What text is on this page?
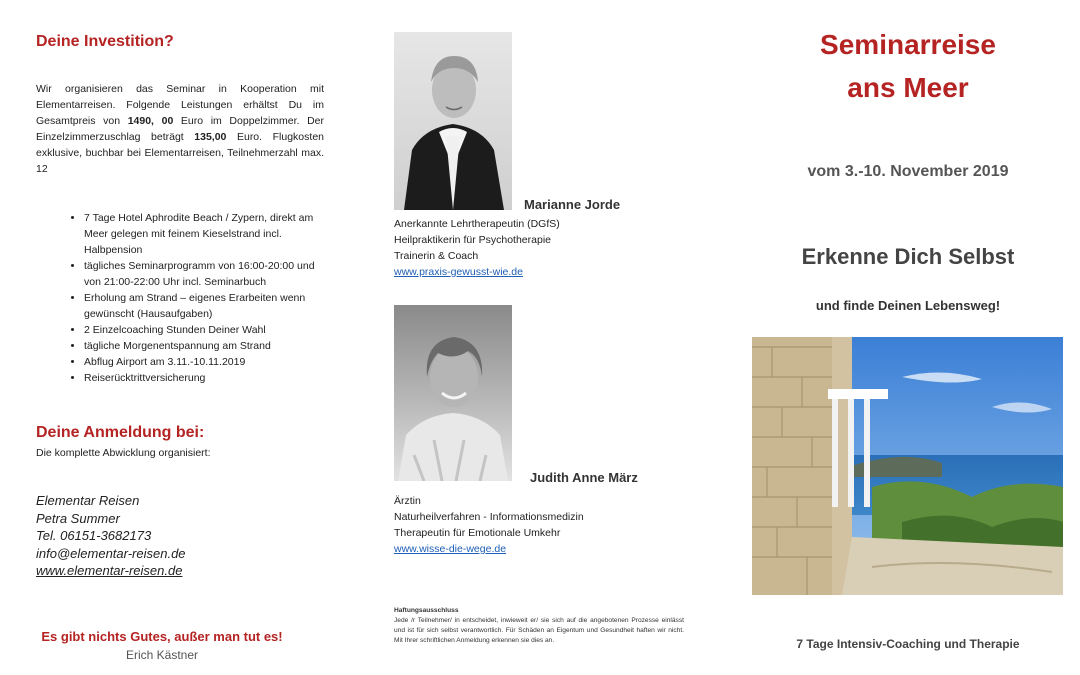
Deine Investition?

Wir organisieren das Seminar in Kooperation mit Elementarreisen. Folgende Leistungen erhältst Du im Gesamtpreis von 1490, 00 Euro im Doppelzimmer. Der Einzelzimmerzuschlag beträgt 135,00 Euro. Flugkosten exklusive, buchbar bei Elementarreisen, Teilnehmerzahl max. 12

• 7 Tage Hotel Aphrodite Beach / Zypern, direkt am Meer gelegen mit feinem Kieselstrand incl. Halbpension
• tägliches Seminarprogramm von 16:00-20:00 und von 21:00-22:00 Uhr incl. Seminarbuch
• Erholung am Strand – eigenes Erarbeiten wenn gewünscht (Hausaufgaben)
• 2 Einzelcoaching Stunden Deiner Wahl
• tägliche Morgenentspannung am Strand
• Abflug Airport am 3.11.-10.11.2019
• Reiserücktrittversicherung
Deine Anmeldung bei:
Die komplette Abwicklung organisiert:
Elementar Reisen
Petra Summer
Tel. 06151-3682173
info@elementar-reisen.de
www.elementar-reisen.de
Es gibt nichts Gutes, außer man tut es!
Erich Kästner
Marianne Jorde
Anerkannte Lehrtherapeutin (DGfS)
Heilpraktikerin für Psychotherapie
Trainerin & Coach
www.praxis-gewusst-wie.de
Judith Anne März
Ärztin
Naturheilverfahren - Informationsmedizin
Therapeutin für Emotionale Umkehr
www.wisse-die-wege.de
Haftungsausschluss
Jede /r Teilnehmer/ in entscheidet, inwieweit er/ sie sich auf die angebotenen Prozesse einlässt und ist für sich selbst verantwortlich. Für Schäden an Eigentum und Gesundheit haften wir nicht. Mit Ihrer schriftlichen Anmeldung erkennen sie dies an.
Seminarreise
ans Meer
vom 3.-10. November 2019
Erkenne Dich Selbst
und finde Deinen Lebensweg!
7 Tage Intensiv-Coaching und Therapie
